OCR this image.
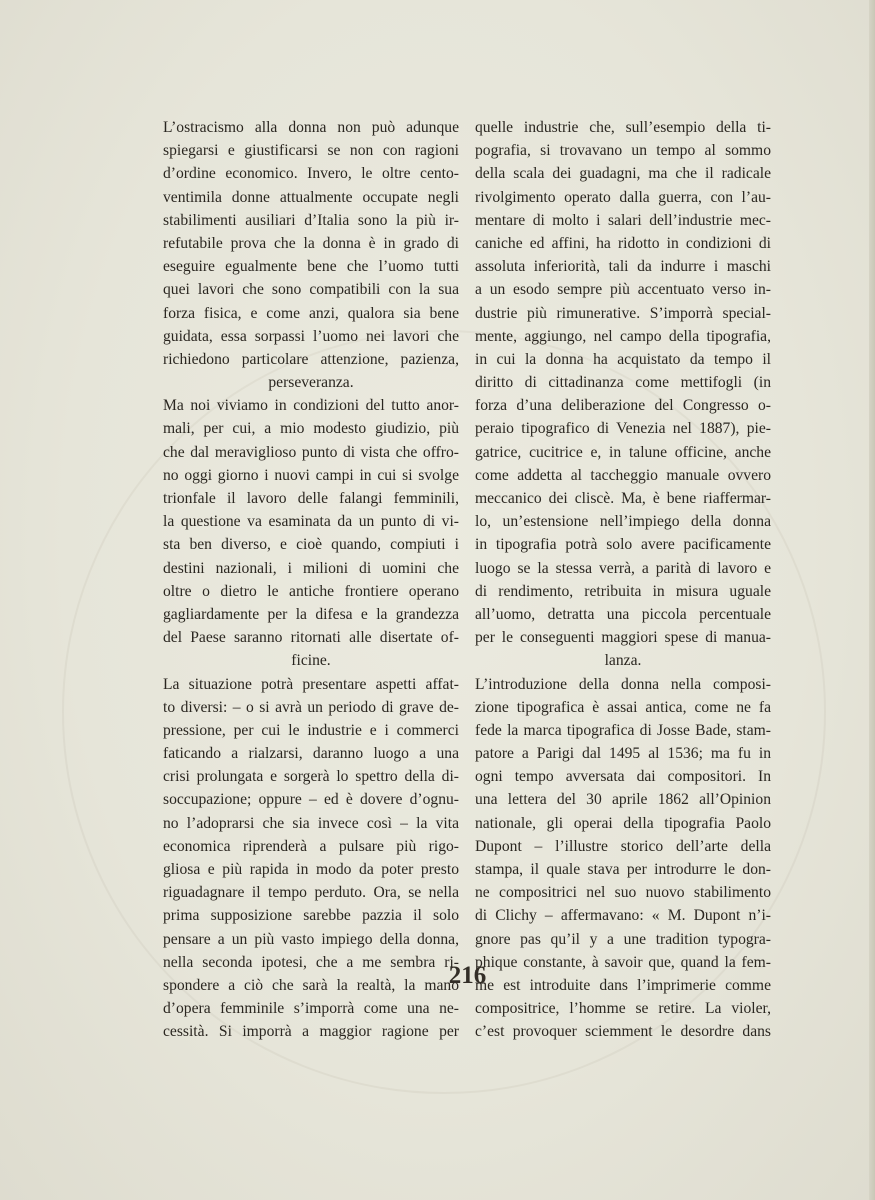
L’ostracismo alla donna non può adunque
spiegarsi e giustificarsi se non con ragioni
d’ordine economico. Invero, le oltre cento-
ventimila donne attualmente occupate negli
stabilimenti ausiliari d’Italia sono la più ir-
refutabile prova che la donna è in grado di
eseguire egualmente bene che l’uomo tutti
quei lavori che sono compatibili con la sua
forza fisica, e come anzi, qualora sia bene
guidata, essa sorpassi l’uomo nei lavori che
richiedono particolare attenzione, pazienza,
perseveranza.
Ma noi viviamo in condizioni del tutto anor-
mali, per cui, a mio modesto giudizio, più
che dal meraviglioso punto di vista che offro-
no oggi giorno i nuovi campi in cui si svolge
trionfale il lavoro delle falangi femminili,
la questione va esaminata da un punto di vi-
sta ben diverso, e cioè quando, compiuti i
destini nazionali, i milioni di uomini che
oltre o dietro le antiche frontiere operano
gagliardamente per la difesa e la grandezza
del Paese saranno ritornati alle disertate of-
ficine.
La situazione potrà presentare aspetti affat-
to diversi: – o si avrà un periodo di grave de-
pressione, per cui le industrie e i commerci
faticando a rialzarsi, daranno luogo a una
crisi prolungata e sorgerà lo spettro della di-
soccupazione; oppure – ed è dovere d’ognu-
no l’adoprarsi che sia invece così – la vita
economica riprenderà a pulsare più rigo-
gliosa e più rapida in modo da poter presto
riguadagnare il tempo perduto. Ora, se nella
prima supposizione sarebbe pazzia il solo
pensare a un più vasto impiego della donna,
nella seconda ipotesi, che a me sembra ri-
spondere a ciò che sarà la realtà, la mano
d’opera femminile s’imporrà come una ne-
cessità. Si imporrà a maggior ragione per
quelle industrie che, sull’esempio della ti-
pografia, si trovavano un tempo al sommo
della scala dei guadagni, ma che il radicale
rivolgimento operato dalla guerra, con l’au-
mentare di molto i salari dell’industrie mec-
caniche ed affini, ha ridotto in condizioni di
assoluta inferiorità, tali da indurre i maschi
a un esodo sempre più accentuato verso in-
dustrie più rimunerative. S’imporrà special-
mente, aggiungo, nel campo della tipografia,
in cui la donna ha acquistato da tempo il
diritto di cittadinanza come mettifogli (in
forza d’una deliberazione del Congresso o-
peraio tipografico di Venezia nel 1887), pie-
gatrice, cucitrice e, in talune officine, anche
come addetta al taccheggio manuale ovvero
meccanico dei cliscè. Ma, è bene riaffermar-
lo, un’estensione nell’impiego della donna
in tipografia potrà solo avere pacificamente
luogo se la stessa verrà, a parità di lavoro e
di rendimento, retribuita in misura uguale
all’uomo, detratta una piccola percentuale
per le conseguenti maggiori spese di manua-
lanza.
L’introduzione della donna nella composi-
zione tipografica è assai antica, come ne fa
fede la marca tipografica di Josse Bade, stam-
patore a Parigi dal 1495 al 1536; ma fu in
ogni tempo avversata dai compositori. In
una lettera del 30 aprile 1862 all’Opinion
nationale, gli operai della tipografia Paolo
Dupont – l’illustre storico dell’arte della
stampa, il quale stava per introdurre le don-
ne compositrici nel suo nuovo stabilimento
di Clichy – affermavano: « M. Dupont n’i-
gnore pas qu’il y a une tradition typogra-
phique constante, à savoir que, quand la fem-
me est introduite dans l’imprimerie comme
compositrice, l’homme se retire. La violer,
c’est provoquer sciemment le desordre dans
216
